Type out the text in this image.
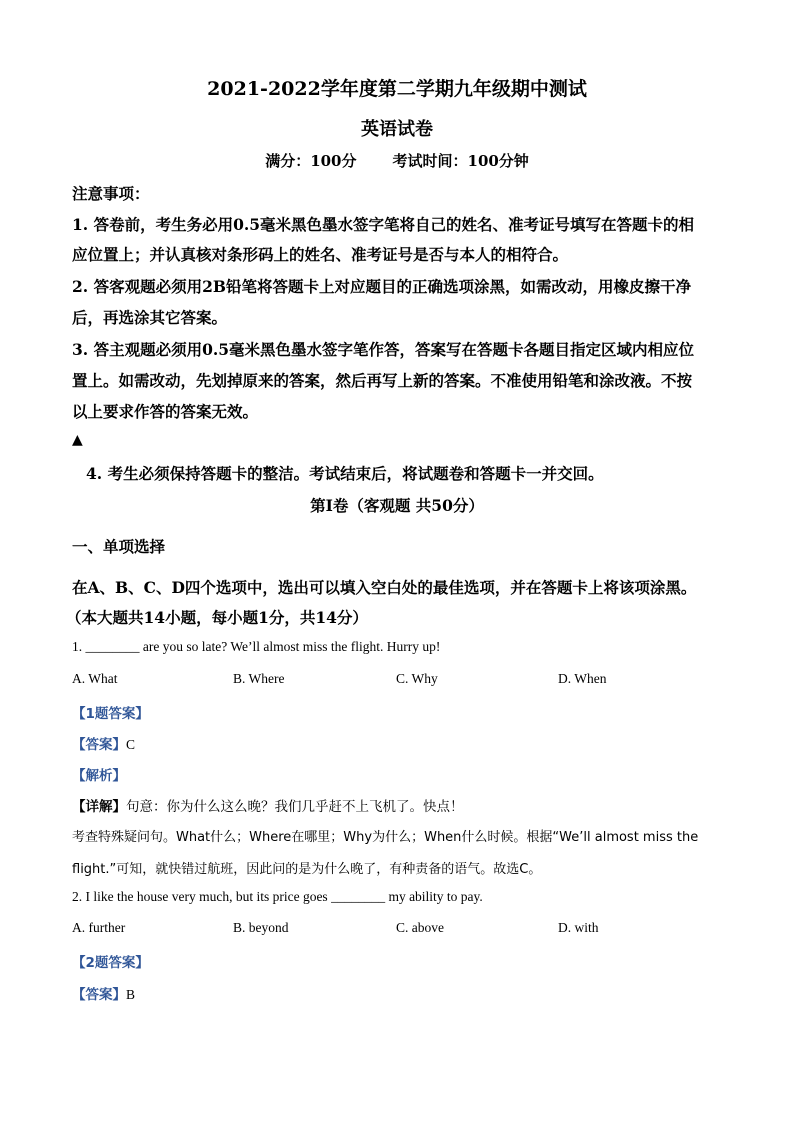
2021-2022学年度第二学期九年级期中测试
英语试卷
满分：100分 考试时间：100分钟
注意事项：
1. 答卷前，考生务必用0.5毫米黑色墨水签字笔将自己的姓名、准考证号填写在答题卡的相
应位置上；并认真核对条形码上的姓名、准考证号是否与本人的相符合。
2. 答客观题必须用2B铅笔将答题卡上对应题目的正确选项涂黑，如需改动，用橡皮擦干净
后，再选涂其它答案。
3. 答主观题必须用0.5毫米黑色墨水签字笔作答，答案写在答题卡各题目指定区域内相应位
置上。如需改动，先划掉原来的答案，然后再写上新的答案。不准使用铅笔和涂改液。不按
以上要求作答的答案无效。
▲
4. 考生必须保持答题卡的整洁。考试结束后，将试题卷和答题卡一并交回。
第Ⅰ卷（客观题 共50分）
一、单项选择
在A、B、C、D四个选项中，选出可以填入空白处的最佳选项，并在答题卡上将该项涂黑。
（本大题共14小题，每小题1分，共14分）
1. ________ are you so late? We’ll almost miss the flight. Hurry up!
A. What	B. Where	C. Why	D. When
【1题答案】
【答案】C
【解析】
【详解】句意：你为什么这么晚？我们几乎赶不上飞机了。快点！
考查特殊疑问句。What什么；Where在哪里；Why为什么；When什么时候。根据“We’ll almost miss the
flight.”可知，就快错过航班，因此问的是为什么晚了，有种责备的语气。故选C。
2. I like the house very much, but its price goes ________ my ability to pay.
A. further	B. beyond	C. above	D. with
【2题答案】
【答案】B
